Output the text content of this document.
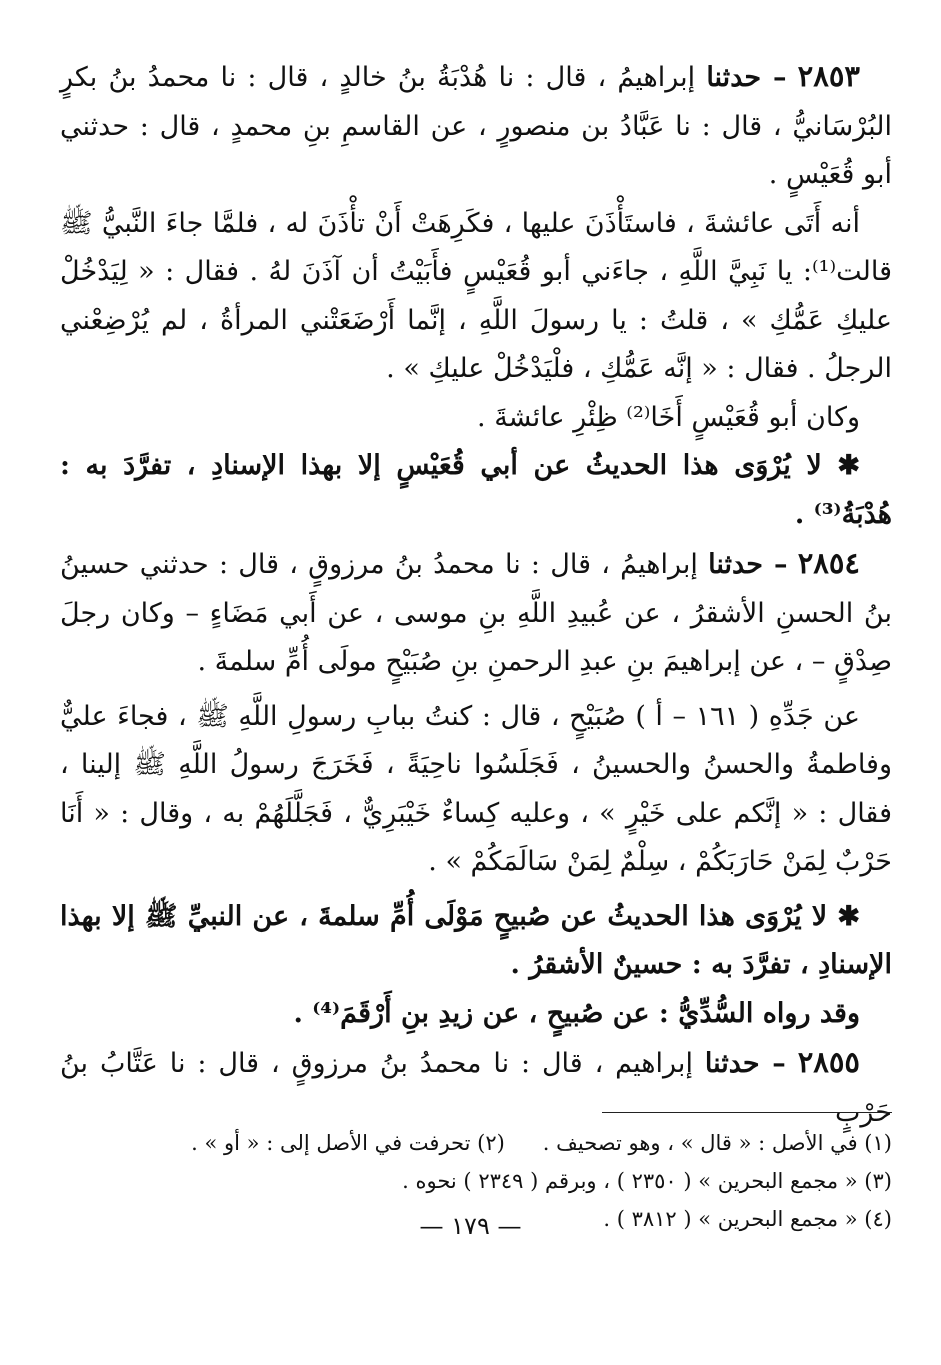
٢٨٥٣ – حدثنا إبراهيمُ ، قال : نا هُدْبَةُ بنُ خالدٍ ، قال : نا محمدُ بنُ بكرٍ البُرْسَانيُّ ، قال : نا عَبَّادُ بن منصورٍ ، عن القاسمِ بنِ محمدٍ ، قال : حدثني أبو قُعَيْسٍ .

أنه أَتَى عائشةَ ، فاستَأْذَنَ عليها ، فكَرِهَتْ أَنْ تأْذَنَ له ، فلمَّا جاءَ النَّبيُّ ﷺ قالت⁽¹⁾: يا نَبِيَّ اللَّهِ ، جاءَني أبو قُعَيْسٍ فأَبَيْتُ أن آذَنَ لهُ . فقال : « لِيَدْخُلْ عليكِ عَمُّكِ » ، قلتُ : يا رسولَ اللَّهِ ، إنَّما أَرْضَعَتْني المرأةُ ، لم يُرْضِعْني الرجلُ . فقال : « إنَّه عَمُّكِ ، فلْيَدْخُلْ عليكِ » .

وكان أبو قُعَيْسٍ أَخَا⁽²⁾ ظِئْرِ عائشةَ .

✱ لا يُرْوَى هذا الحديثُ عن أبي قُعَيْسٍ إلا بهذا الإسنادِ ، تفرَّدَ به : هُدْبَةُ⁽³⁾ .

٢٨٥٤ – حدثنا إبراهيمُ ، قال : نا محمدُ بنُ مرزوقٍ ، قال : حدثني حسينُ بنُ الحسنِ الأشقرُ ، عن عُبيدِ اللَّهِ بنِ موسى ، عن أَبي مَضَاءٍ – وكان رجلَ صِدْقٍ – ، عن إبراهيمَ بنِ عبدِ الرحمنِ بنِ صُبَيْحٍ مولَى أُمِّ سلمةَ .

عن جَدِّهِ ( ١٦١ – أ ) صُبَيْحٍ ، قال : كنتُ ببابِ رسولِ اللَّهِ ﷺ ، فجاءَ عليٌّ وفاطمةُ والحسنُ والحسينُ ، فَجَلَسُوا ناحِيَةً ، فَخَرَجَ رسولُ اللَّهِ ﷺ إلينا ، فقال : « إنَّكم على خَيْرٍ » ، وعليه كِساءٌ خَيْبَرِيٌّ ، فَجَلَّلَهُمْ به ، وقال : « أَنَا حَرْبٌ لِمَنْ حَارَبَكُمْ ، سِلْمٌ لِمَنْ سَالَمَكُمْ » .

✱ لا يُرْوَى هذا الحديثُ عن صُبيحٍ مَوْلَى أُمِّ سلمةَ ، عن النبيِّ ﷺ إلا بهذا الإسنادِ ، تفرَّدَ به : حسينٌ الأشقرُ .

وقد رواه السُّدِّيُّ : عن صُبيحٍ ، عن زيدِ بنِ أَرْقَمَ⁽⁴⁾ .

٢٨٥٥ – حدثنا إبراهيم ، قال : نا محمدُ بنُ مرزوقٍ ، قال : نا عَتَّابُ بنُ حَرْبٍ

(١) في الأصل : « قال » ، وهو تصحيف .(٢) تحرفت في الأصل إلى : « أو » .

(٣) « مجمع البحرين » ( ٢٣٥٠ ) ، وبرقم ( ٢٣٤٩ ) نحوه .

(٤) « مجمع البحرين » ( ٣٨١٢ ) .

— ١٧٩ —
